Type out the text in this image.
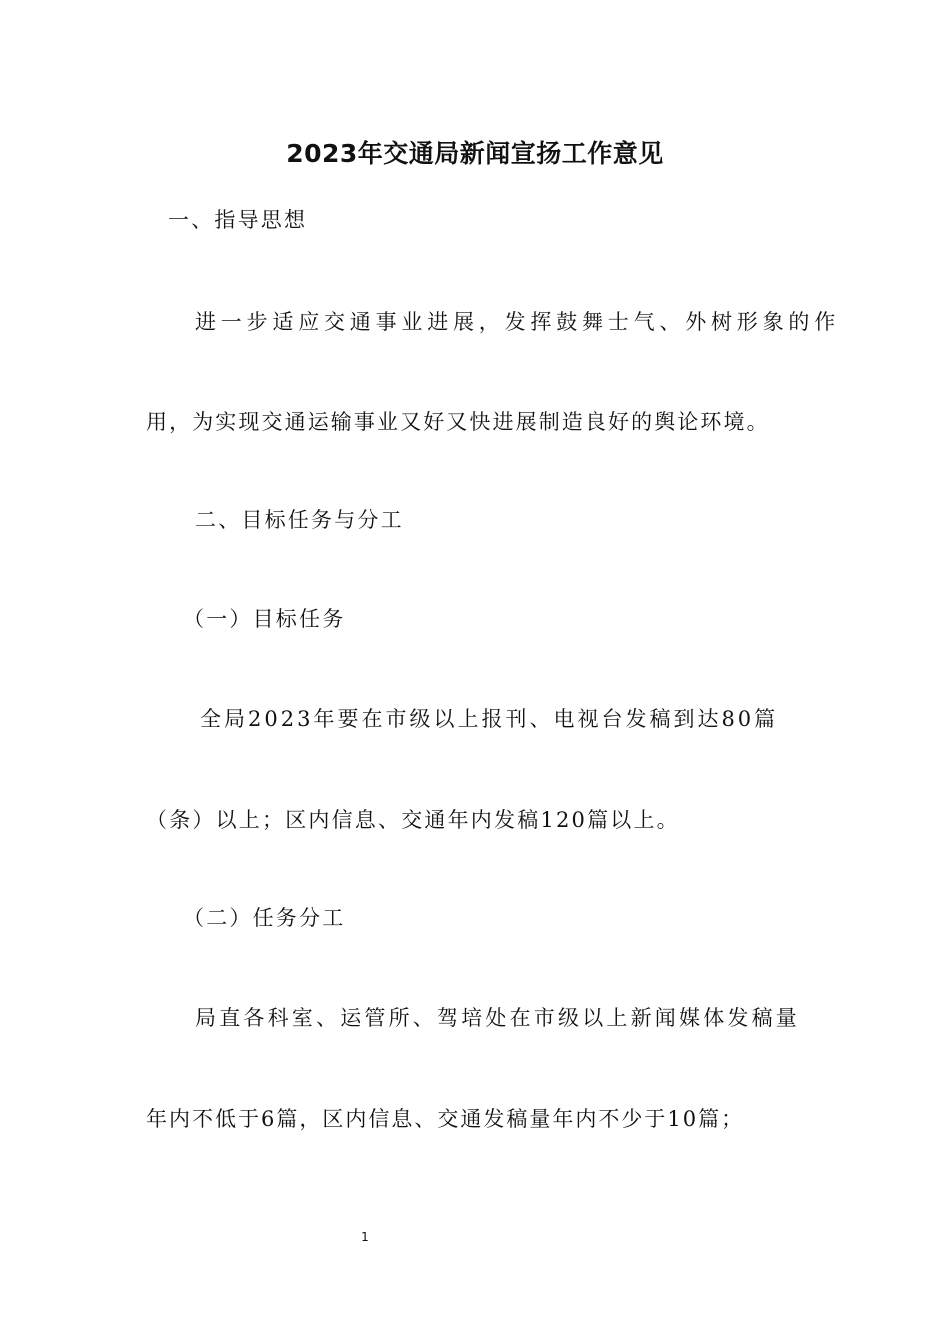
2023年交通局新闻宣扬工作意见
一、指导思想
进一步适应交通事业进展，发挥鼓舞士气、外树形象的作
用，为实现交通运输事业又好又快进展制造良好的舆论环境。
二、目标任务与分工
（一）目标任务
全局2023年要在市级以上报刊、电视台发稿到达80篇
（条）以上；区内信息、交通年内发稿120篇以上。
（二）任务分工
局直各科室、运管所、驾培处在市级以上新闻媒体发稿量
年内不低于6篇，区内信息、交通发稿量年内不少于10篇；
1
